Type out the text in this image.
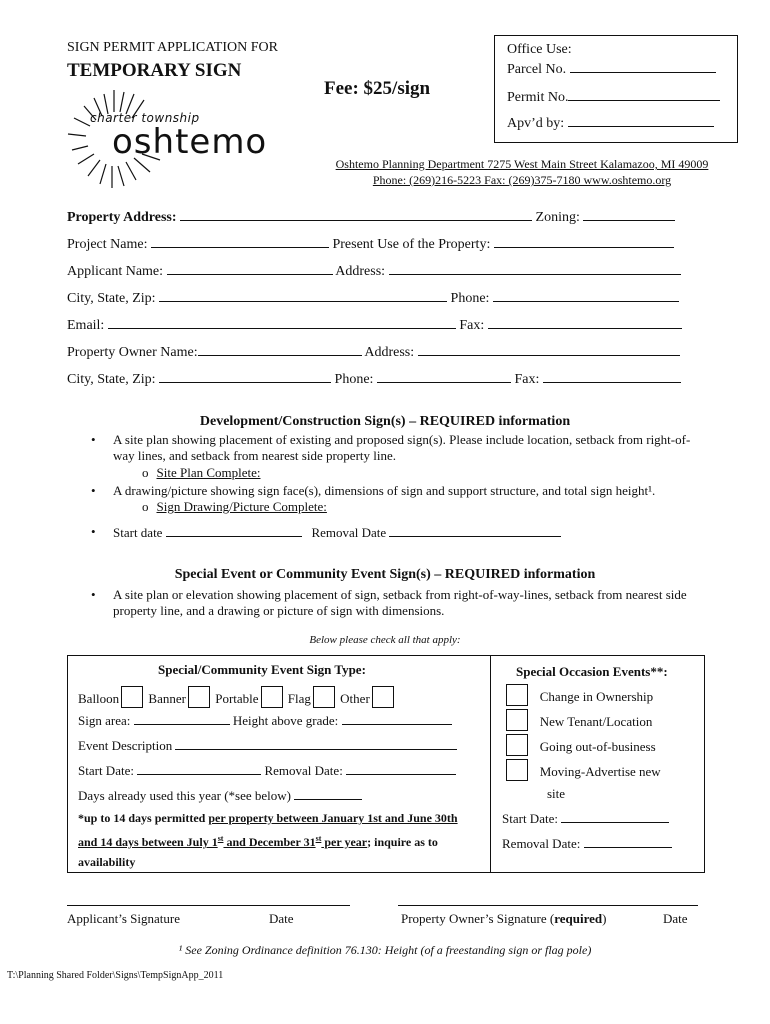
SIGN PERMIT APPLICATION FOR
TEMPORARY SIGN
Fee: $25/sign
charter township
oshtemo
Office Use:
Parcel No.
Permit No.
Apv’d by:
Oshtemo Planning Department 7275 West Main Street Kalamazoo, MI 49009
Phone: (269)216-5223 Fax: (269)375-7180 www.oshtemo.org
Property Address:	Zoning:
Project Name:	Present Use of the Property:
Applicant Name:	Address:
City, State, Zip:	Phone:
Email:	Fax:
Property Owner Name:	Address:
City, State, Zip:	Phone:	Fax:
Development/Construction Sign(s) – REQUIRED information
• A site plan showing placement of existing and proposed sign(s). Please include location, setback from right-of-way lines, and setback from nearest side property line.
o Site Plan Complete:
• A drawing/picture showing sign face(s), dimensions of sign and support structure, and total sign height¹.
o Sign Drawing/Picture Complete:
• Start date	Removal Date
Special Event or Community Event Sign(s) – REQUIRED information
• A site plan or elevation showing placement of sign, setback from right-of-way-lines, setback from nearest side property line, and a drawing or picture of sign with dimensions.
Below please check all that apply:
Special/Community Event Sign Type:
Balloon Banner Portable Flag Other
Sign area:	Height above grade:
Event Description
Start Date:	Removal Date:
Days already used this year (*see below)
*up to 14 days permitted per property between January 1st and June 30th
and 14 days between July 1st and December 31st per year; inquire as to
availability
Special Occasion Events**:
Change in Ownership
New Tenant/Location
Going out-of-business
Moving-Advertise new
site
Start Date:
Removal Date:
Applicant’s Signature	Date	Property Owner’s Signature (required)	Date
¹ See Zoning Ordinance definition 76.130: Height (of a freestanding sign or flag pole)
T:\Planning Shared Folder\Signs\TempSignApp_2011
